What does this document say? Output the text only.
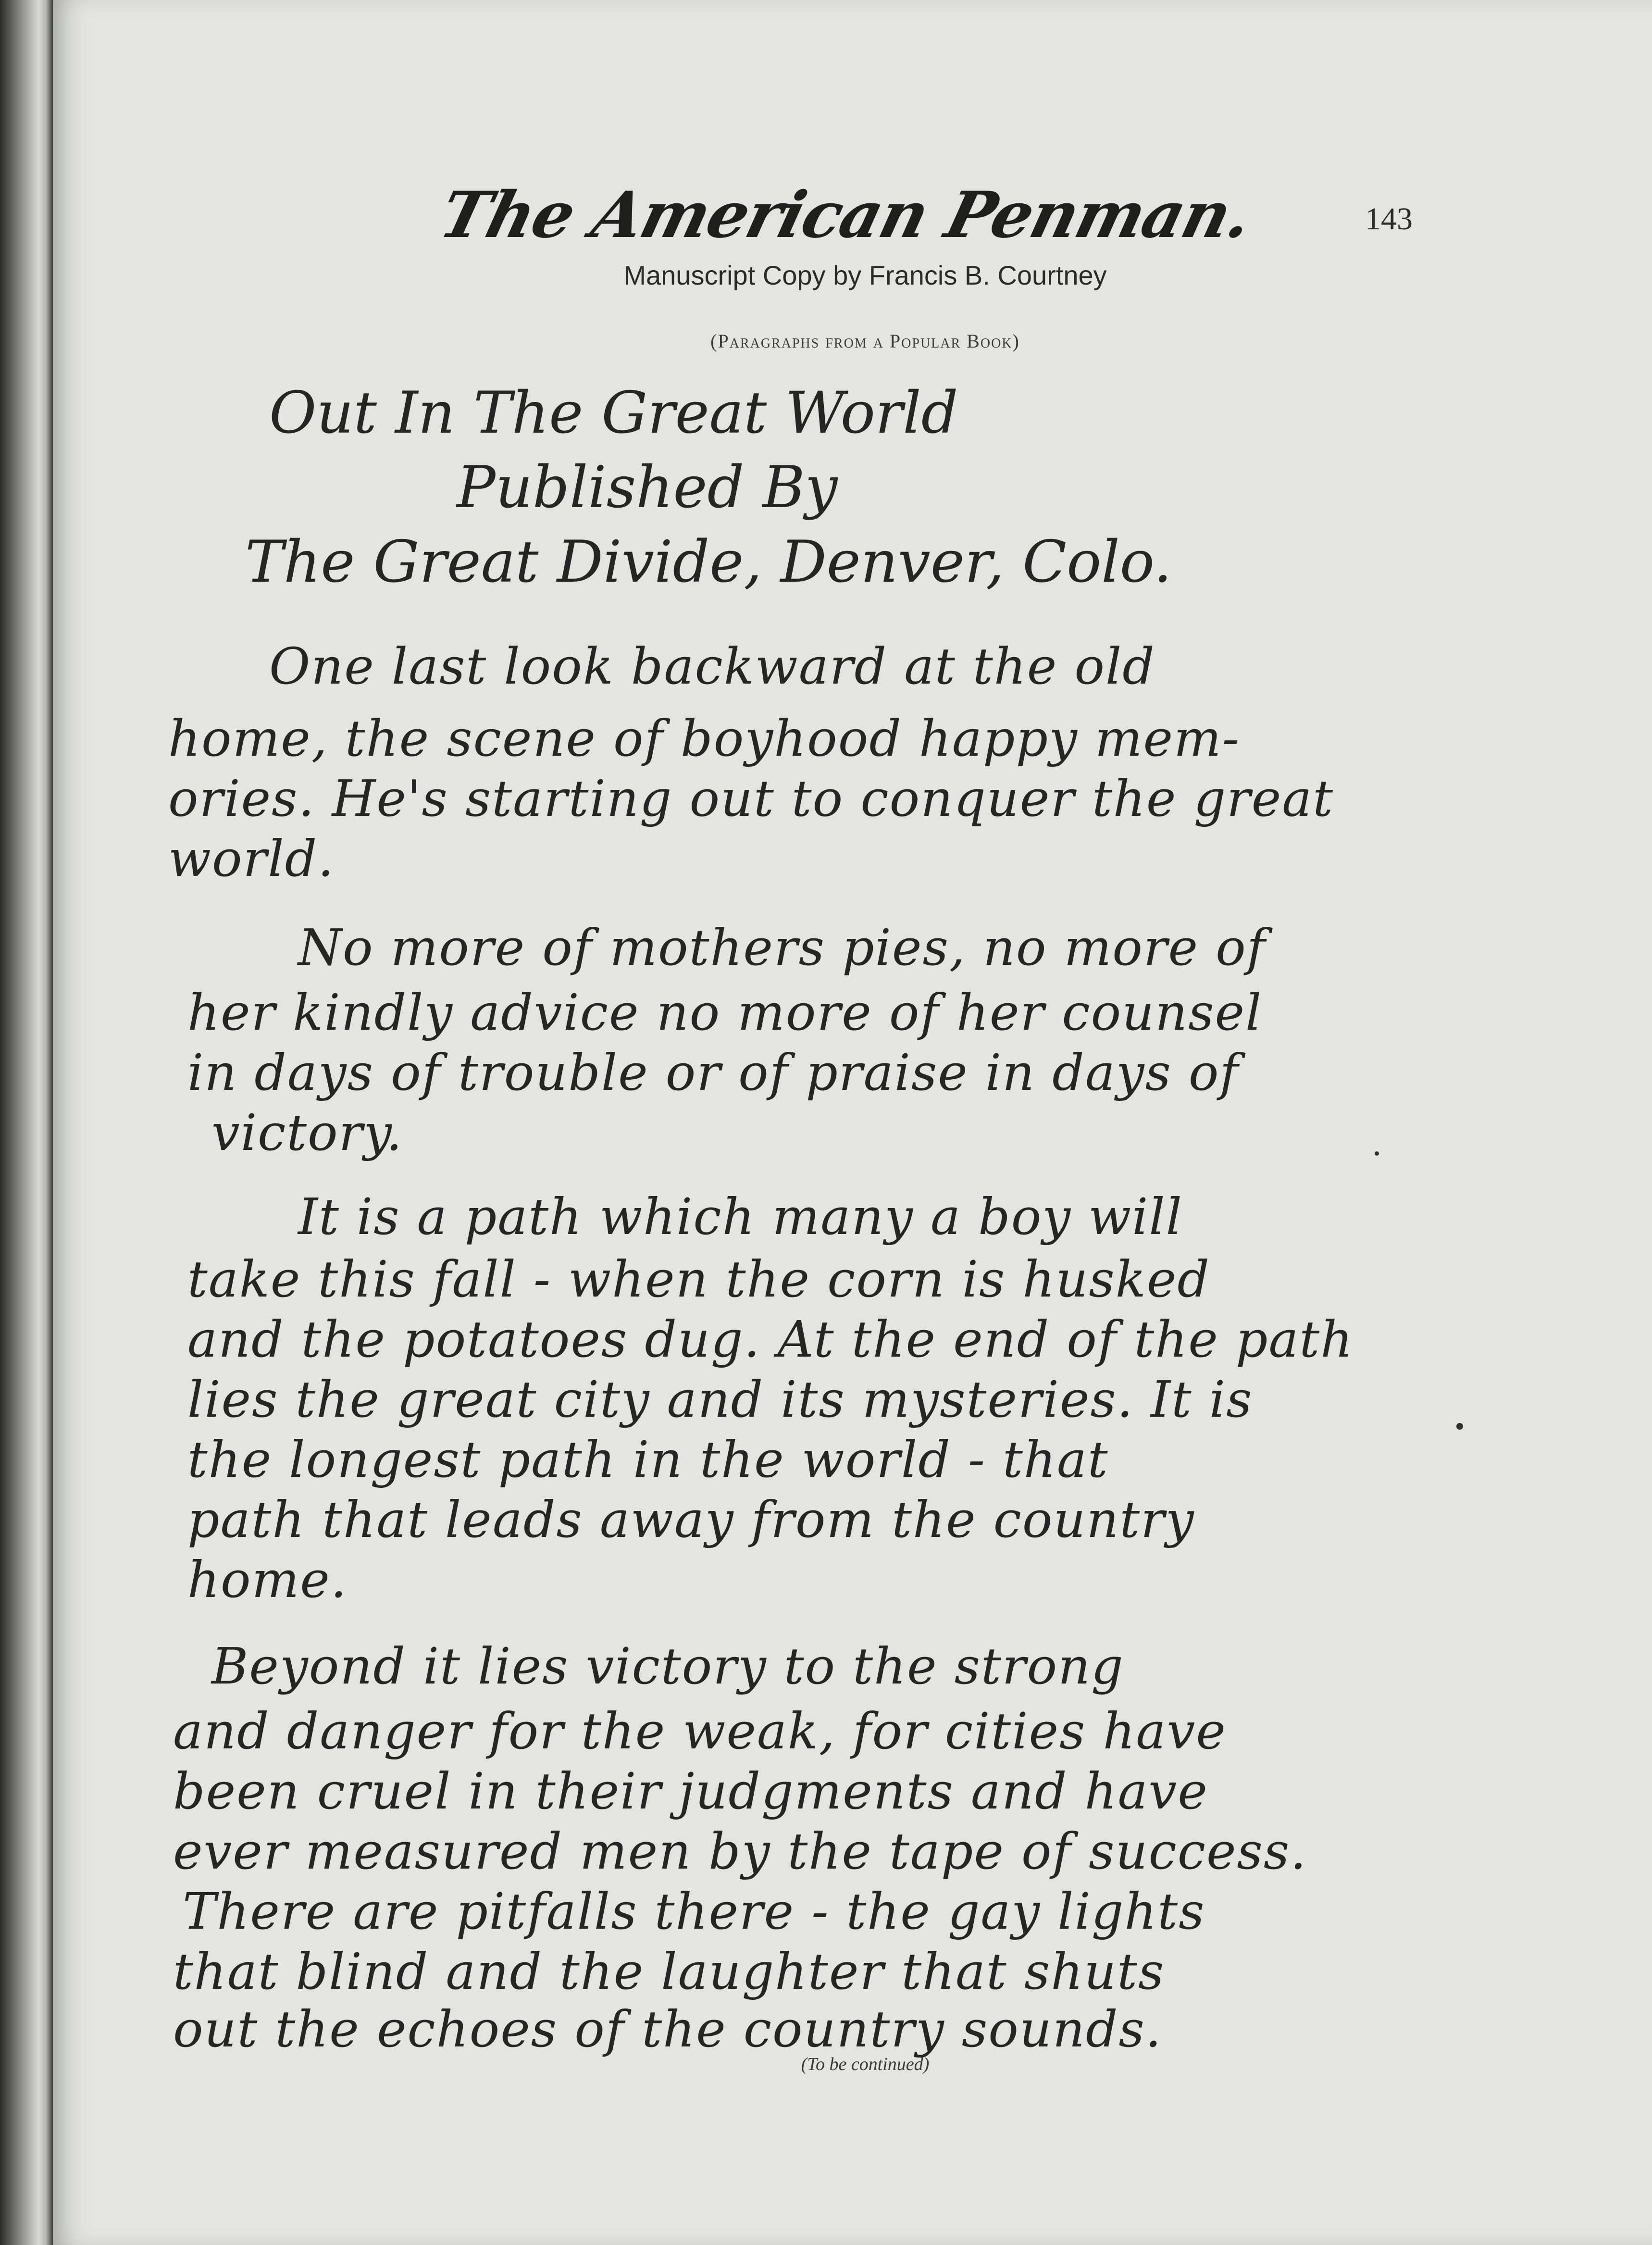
The American Penman.	143
Manuscript Copy by Francis B. Courtney
(Paragraphs from a Popular Book)
Out In The Great World
Published By
The Great Divide, Denver, Colo.
One last look backward at the old
home, the scene of boyhood happy mem-
ories. He's starting out to conquer the great
world.
No more of mothers pies, no more of
her kindly advice no more of her counsel
in days of trouble or of praise in days of
victory.
It is a path which many a boy will
take this fall - when the corn is husked
and the potatoes dug. At the end of the path
lies the great city and its mysteries. It is
the longest path in the world - that
path that leads away from the country
home.
Beyond it lies victory to the strong
and danger for the weak, for cities have
been cruel in their judgments and have
ever measured men by the tape of success.
There are pitfalls there - the gay lights
that blind and the laughter that shuts
out the echoes of the country sounds.
(To be continued)
